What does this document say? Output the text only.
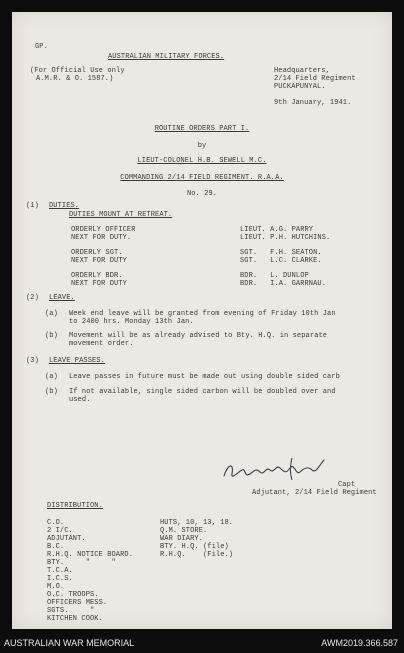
GP.
AUSTRALIAN MILITARY FORCES.
(For Official Use only
A.M.R. & O. 1587.)
Headquarters,
2/14 Field Regiment
PUCKAPUNYAL.
9th January, 1941.
ROUTINE ORDERS PART I.
by
LIEUT-COLONEL H.B. SEWELL M.C.
COMMANDING 2/14 FIELD REGIMENT. R.A.A.
No. 29.
(1) DUTIES.
DUTIES MOUNT AT RETREAT.
ORDERLY OFFICER
NEXT FOR DUTY.
LIEUT. A.G. PARRY
LIEUT. P.H. HUTCHINS.
ORDERLY SGT.
NEXT FOR DUTY
SGT.   F.H. SEATON.
SGT.   L.C. CLARKE.
ORDERLY BDR.
NEXT FOR DUTY
BDR.   L. DUNLOP
BDR.   I.A. GARRNAU.
(2) LEAVE.
(a) Week end leave will be granted from evening of Friday 10th Jan
to 2400 hrs. Monday 13th Jan.
(b) Movement will be as already advised to Bty. H.Q. in separate
movement order.
(3) LEAVE PASSES.
(a) Leave passes in future must be made out using double sided carb
(b) If not available, single sided carbon will be doubled over and
used.
Capt
Adjutant, 2/14 Field Regiment
DISTRIBUTION.
C.O.
2 I/C.
ADJUTANT.
B.C.
R.H.Q. NOTICE BOARD.
BTY.     "     "
T.C.A.
I.C.S.
M.O.
O.C. TROOPS.
OFFICERS MESS.
SGTS.     "
KITCHEN COOK.
HUTS, 10, 13, 18.
Q.M. STORE.
WAR DIARY.
BTY. H.Q. (file)
R.H.Q.    (File.)
AUSTRALIAN WAR MEMORIAL	AWM2019.366.587
